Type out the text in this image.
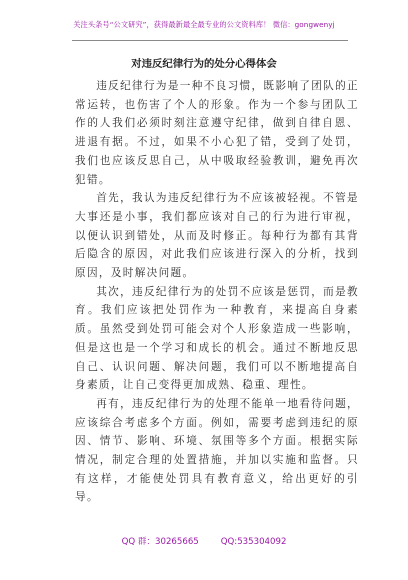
关注头条号“公文研究”，获得最新最全最专业的公文资料库！ 微信：gongwenyj
对违反纪律行为的处分心得体会

违反纪律行为是一种不良习惯，既影响了团队的正常运转，也伤害了个人的形象。作为一个参与团队工作的人我们必须时刻注意遵守纪律，做到自律自恩、进退有据。不过，如果不小心犯了错，受到了处罚，我们也应该反思自己，从中吸取经验教训，避免再次犯错。

首先，我认为违反纪律行为不应该被轻视。不管是大事还是小事，我们都应该对自己的行为进行审视，以便认识到错处，从而及时修正。每种行为都有其背后隐含的原因，对此我们应该进行深入的分析，找到原因，及时解决问题。

其次，违反纪律行为的处罚不应该是惩罚，而是教育。我们应该把处罚作为一种教育，来提高自身素质。虽然受到处罚可能会对个人形象造成一些影响，但是这也是一个学习和成长的机会。通过不断地反思自己、认识问题、解决问题，我们可以不断地提高自身素质，让自己变得更加成熟、稳重、理性。

再有，违反纪律行为的处理不能单一地看待问题，应该综合考虑多个方面。例如，需要考虑到违纪的原因、情节、影响、环境、氛围等多个方面。根据实际情况，制定合理的处置措施，并加以实施和监督。只有这样，才能使处罚具有教育意义，给出更好的引导。

QQ 群：30265665	QQ:535304092
